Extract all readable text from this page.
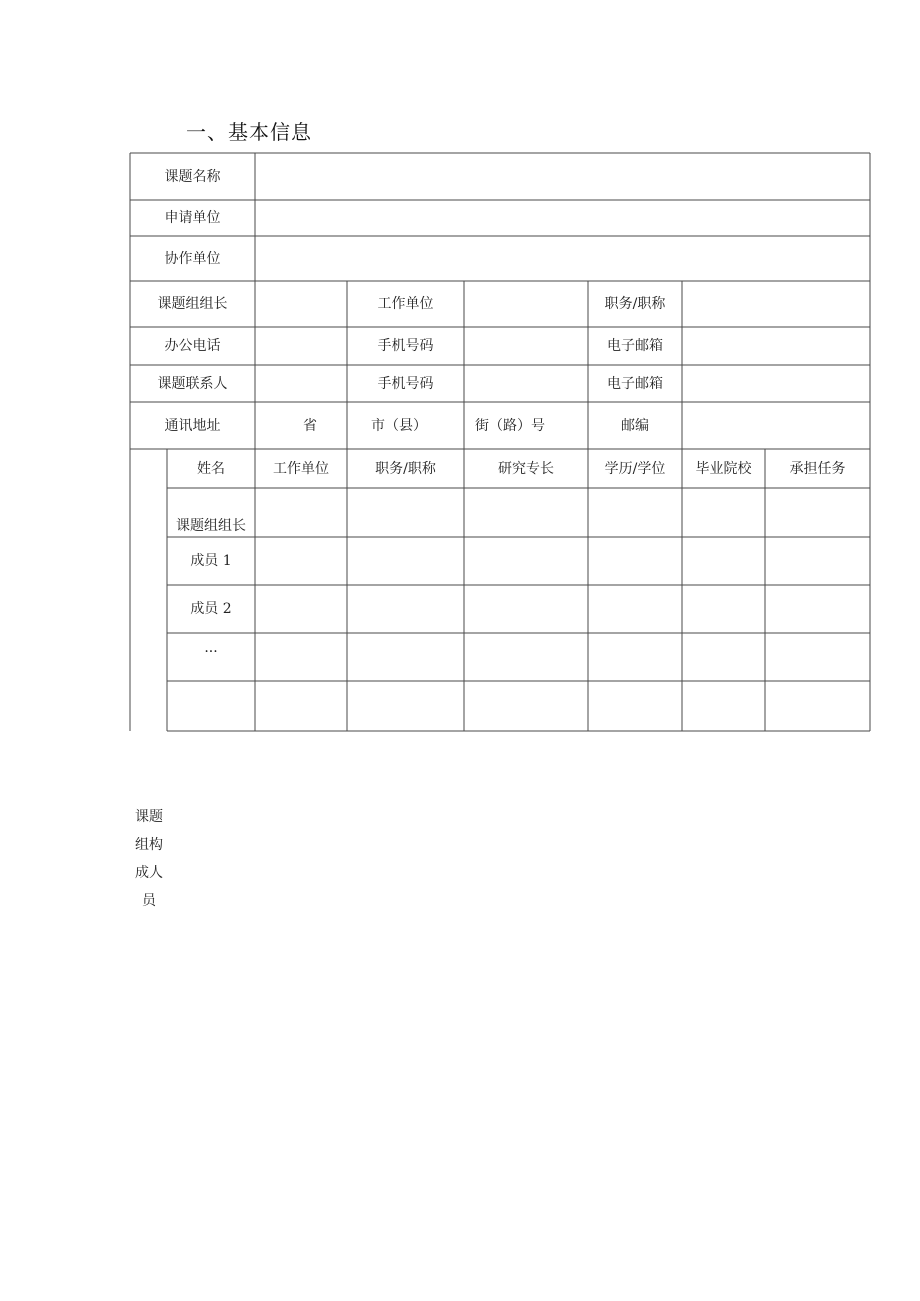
一、基本信息
课题名称
申请单位
协作单位
课题组组长	工作单位	职务/职称
办公电话	手机号码	电子邮箱
课题联系人	手机号码	电子邮箱
通讯地址	省	市（县）	街（路）号	邮编
姓名	工作单位	职务/职称	研究专长	学历/学位	毕业院校	承担任务
课题组组长
成员 1
成员 2
···
课题
组构
成人
员
